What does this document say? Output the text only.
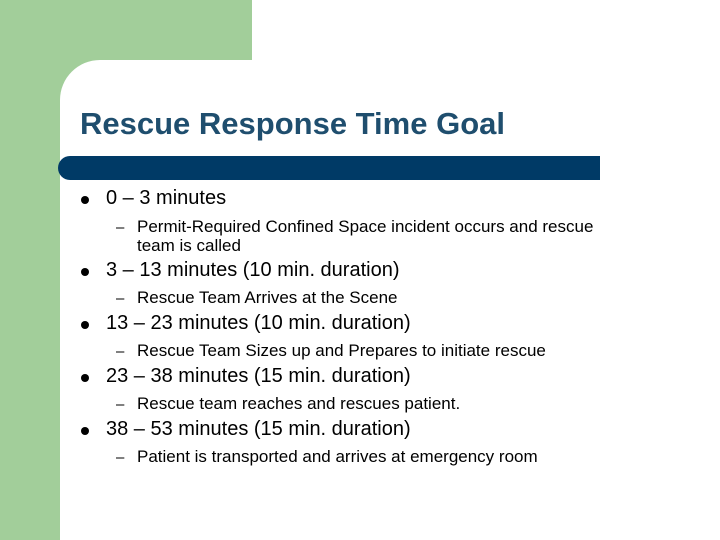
Rescue Response Time Goal
0 – 3 minutes
– Permit-Required Confined Space incident occurs and rescue
team is called
3 – 13 minutes (10 min. duration)
– Rescue Team Arrives at the Scene
13 – 23 minutes (10 min. duration)
– Rescue Team Sizes up and Prepares to initiate rescue
23 – 38 minutes (15 min. duration)
– Rescue team reaches and rescues patient.
38 – 53 minutes (15 min. duration)
– Patient is transported and arrives at emergency room
